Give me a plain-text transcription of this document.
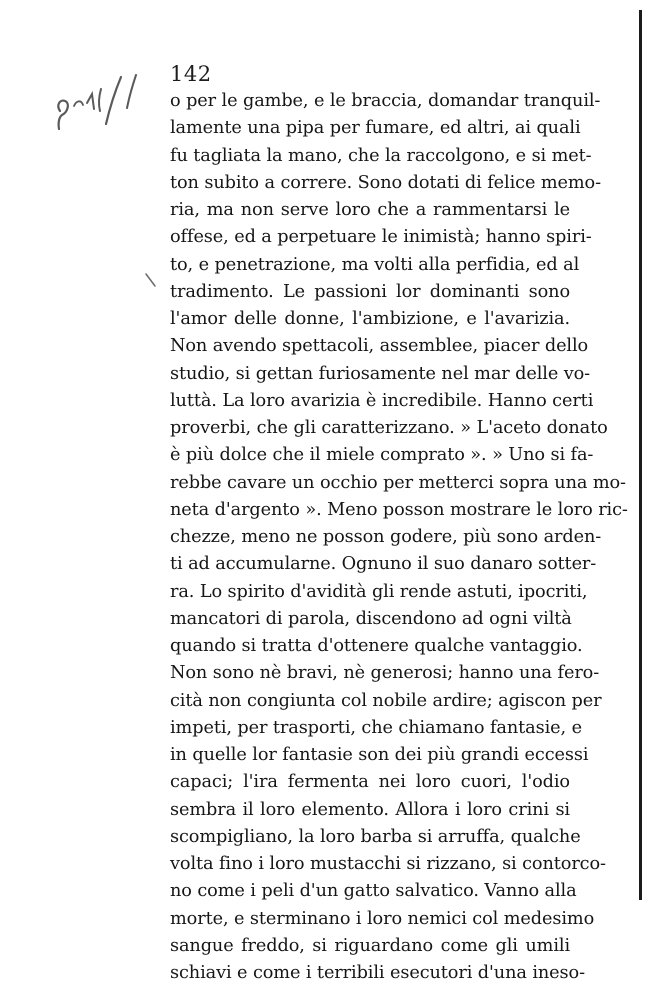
142
o per le gambe, e le braccia, domandar tranquil-
lamente una pipa per fumare, ed altri, ai quali
fu tagliata la mano, che la raccolgono, e si met-
ton subito a correre. Sono dotati di felice memo-
ria, ma non serve loro che a rammentarsi le
offese, ed a perpetuare le inimistà; hanno spiri-
to, e penetrazione, ma volti alla perfidia, ed al
tradimento. Le passioni lor dominanti sono
l'amor delle donne, l'ambizione, e l'avarizia.
Non avendo spettacoli, assemblee, piacer dello
studio, si gettan furiosamente nel mar delle vo-
luttà. La loro avarizia è incredibile. Hanno certi
proverbi, che gli caratterizzano. » L'aceto donato
è più dolce che il miele comprato ». » Uno si fa-
rebbe cavare un occhio per metterci sopra una mo-
neta d'argento ». Meno posson mostrare le loro ric-
chezze, meno ne posson godere, più sono arden-
ti ad accumularne. Ognuno il suo danaro sotter-
ra. Lo spirito d'avidità gli rende astuti, ipocriti,
mancatori di parola, discendono ad ogni viltà
quando si tratta d'ottenere qualche vantaggio.
Non sono nè bravi, nè generosi; hanno una fero-
cità non congiunta col nobile ardire; agiscon per
impeti, per trasporti, che chiamano fantasie, e
in quelle lor fantasie son dei più grandi eccessi
capaci; l'ira fermenta nei loro cuori, l'odio
sembra il loro elemento. Allora i loro crini si
scompigliano, la loro barba si arruffa, qualche
volta fino i loro mustacchi si rizzano, si contorco-
no come i peli d'un gatto salvatico. Vanno alla
morte, e sterminano i loro nemici col medesimo
sangue freddo, si riguardano come gli umili
schiavi e come i terribili esecutori d'una ineso-
